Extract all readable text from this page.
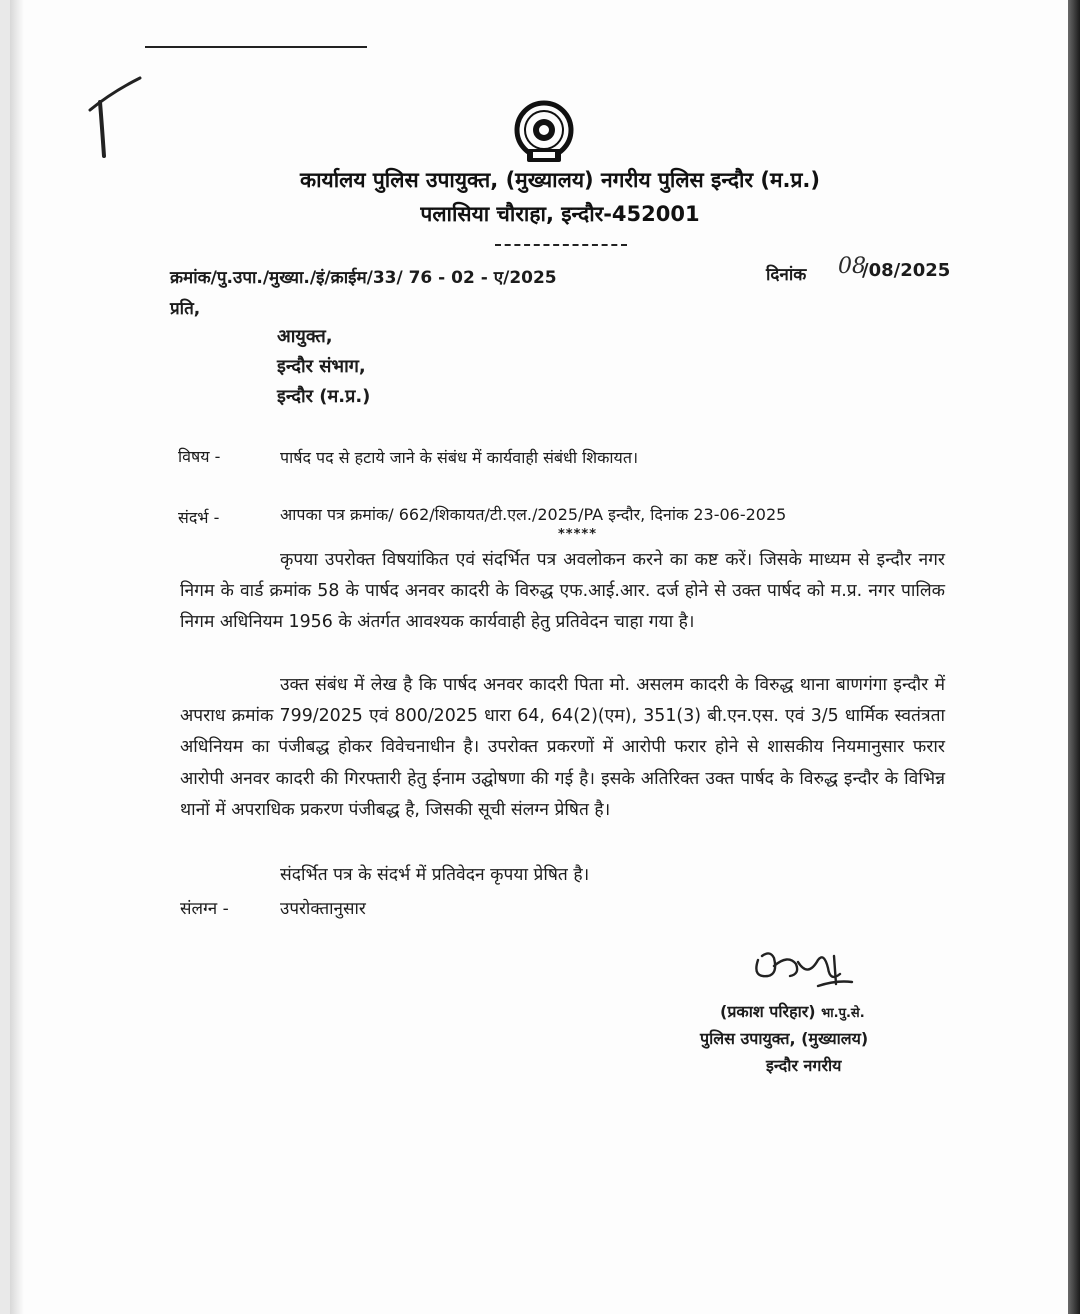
कार्यालय पुलिस उपायुक्त, (मुख्यालय) नगरीय पुलिस इन्दौर (म.प्र.)
पलासिया चौराहा, इन्दौर-452001
क्रमांक/पु.उपा./मुख्या./इं/क्राईम/33/ 76 - 02 - ए/2025	दिनांक 08
/08/2025
प्रति,
आयुक्त,
इन्दौर संभाग,
इन्दौर (म.प्र.)
विषय -	पार्षद पद से हटाये जाने के संबंध में कार्यवाही संबंधी शिकायत।
संदर्भ -	आपका पत्र क्रमांक/ 662/शिकायत/टी.एल./2025/PA इन्दौर, दिनांक 23-06-2025
*****
कृपया उपरोक्त विषयांकित एवं संदर्भित पत्र अवलोकन करने का कष्ट करें। जिसके माध्यम से इन्दौर नगर निगम के वार्ड क्रमांक 58 के पार्षद अनवर कादरी के विरुद्ध एफ.आई.आर. दर्ज होने से उक्त पार्षद को म.प्र. नगर पालिक निगम अधिनियम 1956 के अंतर्गत आवश्यक कार्यवाही हेतु प्रतिवेदन चाहा गया है।
उक्त संबंध में लेख है कि पार्षद अनवर कादरी पिता मो. असलम कादरी के विरुद्ध थाना बाणगंगा इन्दौर में अपराध क्रमांक 799/2025 एवं 800/2025 धारा 64, 64(2)(एम), 351(3) बी.एन.एस. एवं 3/5 धार्मिक स्वतंत्रता अधिनियम का पंजीबद्ध होकर विवेचनाधीन है। उपरोक्त प्रकरणों में आरोपी फरार होने से शासकीय नियमानुसार फरार आरोपी अनवर कादरी की गिरफ्तारी हेतु ईनाम उद्घोषणा की गई है। इसके अतिरिक्त उक्त पार्षद के विरुद्ध इन्दौर के विभिन्न थानों में अपराधिक प्रकरण पंजीबद्ध है, जिसकी सूची संलग्न प्रेषित है।
संदर्भित पत्र के संदर्भ में प्रतिवेदन कृपया प्रेषित है।
संलग्न -	उपरोक्तानुसार
(प्रकाश परिहार) भा.पु.से.
पुलिस उपायुक्त, (मुख्यालय)
इन्दौर नगरीय
